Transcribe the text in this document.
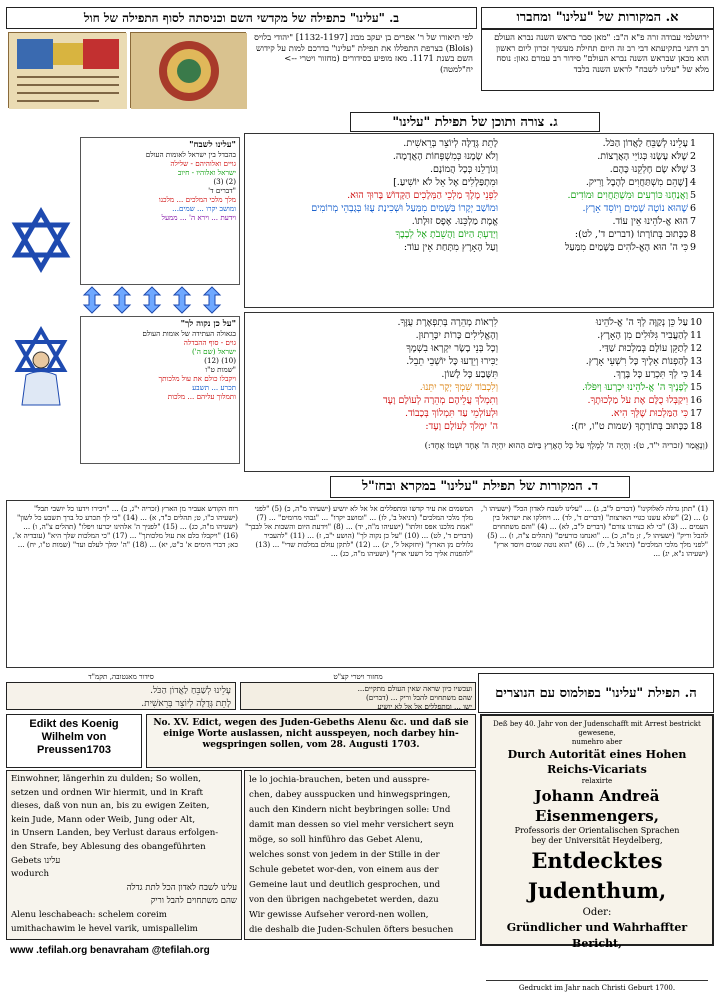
א. המקורות של "עלינו" ומחברו
ירושלמי עבודה זרה פ"א ה"ב: "מאן סבר בראש השנה נברא העולם רב דתני בתקיעתא דבי רב זה היום תחילת מעשיך זכרון ליום ראשון הוא מכאן שבראש השנה נברא העולם" סידור רב עמרם גאון: נוסח מלא של "עלינו לשבח" לראש השנה בלבד
ב. "עלינו" כתפילה של מקדשי השם וכניסתה לסוף התפילה של חול
לפי תיאורו של ר' אפרים בן יעקב מבונ [1132-1197] "יהודי בלויס (Blois) בצרפת התפללו את תפילת "עלינו" בדרכם למות על קידוש השם בשנת 1171. מאז מופיע בסידורים (מחזור ויטרי --> יח"למטה)
ג. צורה ותוכן של תפילת "עלינו"
לָתֵת גְּדֻלָּה לְיוֹצֵר בְּרֵאשִׁית.
וְלֹא שָׂמָנוּ כְּמִשְׁפְּחוֹת הָאֲדָמָה.
וְגוֹרָלֵנוּ כְּכָל הֲמוֹנָם.
וּמִתְפַּלְלִים אֶל אֵל לֹא יוֹשִׁיעַ.]
לִפְנֵי מֶלֶךְ מַלְכֵי הַמְּלָכִים הַקָּדוֹשׁ בָּרוּךְ הוּא.
וּמוֹשַׁב יְקָרוֹ בַּשָּׁמַיִם מִמַּעַל וּשְׁכִינַת עֻזּוֹ בְּגָבְהֵי מְרוֹמִים
אֱמֶת מַלְכֵּנוּ. אֶפֶס זוּלָתוֹ.
וְיָדַעְתָּ הַיּוֹם וַהֲשֵׁבֹתָ אֶל לְבָבֶךָ
וְעַל הָאָרֶץ מִתָּחַת אֵין עוֹד:
עָלֵינוּ לְשַׁבֵּחַ לַאֲדוֹן הַכֹּל.
שֶׁלֹּא עָשָׂנוּ כְּגוֹיֵי הָאֲרָצוֹת.
שֶׁלֹּא שָׂם חֶלְקֵנוּ כָּהֶם.
[שֶׁהֵם מִשְׁתַּחֲוִים לְהֶבֶל וָרִיק.
וַאֲנַחְנוּ כּוֹרְעִים וּמִשְׁתַּחֲוִים וּמוֹדִים.
שֶׁהוּא נוֹטֶה שָׁמַיִם וְיוֹסֵד אָרֶץ.
הוּא אֱ-לֹהֵינוּ אֵין עוֹד.
כַּכָּתוּב בְּתוֹרָתוֹ (דברים ד', לט):
כִּי ה' הוּא הָאֱ-לֹהִים בַּשָּׁמַיִם מִמַּעַל
1
2
3
4
5
6
7
8
9
"עלינו לשבח"
בהבדל בין ישראל לאומות העולם
גויים ואלוהיהם - שלילה
ישראל ואלוהיו - חיוב
(2) (3)
"דברים ד'
מלך מלכי המלכים ... מלכנו
ומושב יקרו ... שמים...
וידעת ... וירא ה' ... ממעל
לִרְאוֹת מְהֵרָה בְּתִפְאֶרֶת עֻזֶּךָ.
וְהָאֱלִילִים כָּרוֹת יִכָּרֵתוּן.
וְכָל בְּנֵי בָשָׂר יִקְרְאוּ בִשְׁמֶךָ
יַכִּירוּ וְיֵדְעוּ כָּל יוֹשְׁבֵי תֵבֵל.
תִּשָּׁבַע כָּל לָשׁוֹן.
וְלִכְבוֹד שִׁמְךָ יְקָר יִתֵּנוּ.
וְתִמְלֹךְ עֲלֵיהֶם מְהֵרָה לְעוֹלָם וָעֶד
וּלְעוֹלְמֵי עַד תִּמְלוֹךְ בְּכָבוֹד.
ה' יִמְלֹךְ לְעוֹלָם וָעֶד:
עַל כֵּן נְקַוֶּה לְךָ ה' אֱ-לֹהֵינוּ
לְהַעֲבִיר גִּלּוּלִים מִן הָאָרֶץ.
לְתַקֵּן עוֹלָם בְּמַלְכוּת שַׁדַּי.
לְהַפְנוֹת אֵלֶיךָ כָּל רִשְׁעֵי אָרֶץ.
כִּי לְךָ תִּכְרַע כָּל בֶּרֶךְ.
לְפָנֶיךָ ה' אֱ-לֹהֵינוּ יִכְרְעוּ וְיִפֹּלוּ.
וִיקַבְּלוּ כֻלָּם אֶת עֹל מַלְכוּתֶךָ.
כִּי הַמַּלְכוּת שֶׁלְּךָ הִיא.
כַּכָּתוּב בְּתוֹרָתֶךָ (שמות ט"ו, יח):
10
11
12
13
14
15
16
17
18
(וְנֶאֱמַר (זכריה י"ד, ט): וְהָיָה ה' לְמֶלֶךְ עַל כָּל הָאָרֶץ בַּיּוֹם הַהוּא יִהְיֶה ה' אֶחָד וּשְׁמוֹ אֶחָד:)
"על כן נקוה לך"
בגאולה העתידה של אומות העולם
גוים - סוף ההבדלה
ישראל (שם ה')
(10) (12)
"שמות ט"ו
ויקבלו כולם את עול מלכותך
תכרע ... תשבע
ותמלוך עליהם ... מלכות
ד. המקורות של תפילת "עלינו" במקרא ובחז"ל
(1) "תתן גדלה לאלוקינו" (דברים ל"ב, ג) ... "עלינו לשבח לאדון הכל" (ישעיהו ו', ג) ... (2) "שלא עשנו כגויי הארצות" (דברים ד', לד) ... ויחלקו את ישראל בין העמים ... (3) "כי לא כצורנו צורם" (דברים ל"ב, לא) ... (4) "והם משתחוים להבל וריק" (ישעיהו ל', ז; מ"ה, כ) ... "ואנחנו כורעים" (תהלים צ"ה, ו) ... (5) "לפני מלך מלכי המלכים" (דניאל ב', לז) ... (6) "הוא נוטה שמים ויוסד ארץ" (ישעיהו נ"א, יג) ...
המשמים את עיר קדשו ומתפללים אל אל לא יושיע (ישעיהו מ"ה, כ) (5) "לפני מלך מלכי המלכים" (דניאל ב', לז) ... "ומושב יקרו" ... "גבהי מרומים" ... (7) "אמת מלכנו אפס זולתו" (ישעיהו מ"ה, יד) ... (8) "וידעת היום והשבות אל לבבך" (דברים ד', לט) ... (10) "על כן נקוה לך" (הושע י"ב, ז) ... (11) "להעביר גלולים מן הארץ" (יחזקאל ל', יג) ... (12) "לתקן עולם במלכות שדי" ... (13) "להפנות אליך כל רשעי ארץ" (ישעיהו מ"ה, כג) ...
רוח הקודש אעביר מן הארץ (זכריה י"ג, ב) ... "ויכירו וידעו כל יושבי תבל" (ישעיהו כ"ו, ט; תהלים כ"ד, א) ... (14) "כי לך תכרע כל ברך תשבע כל לשון" (ישעיהו מ"ה, כג) ... (15) "לפניך ה' אלהינו יכרעו ויפלו" (תהלים צ"ה, ו) ... (16) "ויקבלו כלם את עול מלכותך" ... (17) "כי המלכות שלך היא" (עובדיה א', כא; דברי הימים א' כ"ט, יא) ... (18) "ה' ימלך לעלם ועד" (שמות ט"ו, יח) ...
ה. תפילת "עלינו" בפולמוס עם הנוצרים
סידור מאנטובה, תקמ"ד
עָלֵינוּ לְשַׁבֵּחַ לַאֲדוֹן הַכֹּל.
לָתֵת גְּדֻלָּה לְיוֹצֵר בְּרֵאשִׁית.
מחזור ויטרי קצ"ט
ועכשיו כיון שראה שאין העולם מתקיים...
שהם משתחוים להבל וריק ... (דברים)
ישו ... ומתפללים אל אל לא יושיע
Edikt des Koenig Wilhelm von Preussen1703
No. XV. Edict, wegen des Juden-Gebeths Alenu &c. und daß sie einige Worte auslassen, nicht ausspeyen, noch darbey hin- wegspringen sollen, vom 28. Augusti 1703.
Einwohner, längerhin zu dulden; So wollen,
setzen und ordnen Wir hiermit, und in Kraft
dieses, daß von nun an, bis zu ewigen Zeiten,
kein Jude, Mann oder Weib, Jung oder Alt,
in Unsern Landen, bey Verlust daraus erfolgen-
den Strafe, bey Ablesung des obangeführten
Gebets עלינו
wodurch
עלינו לשבח לאדון הכל לתת גדלה
שהם משתחוים להבל וריק
Alenu leschabeach: schelem coreim
umithachawim le hevel varik, umispallelim
le lo jochia-brauchen, beten und ausspre-
chen, dabey ausspucken und hinwegspringen,
auch den Kindern nicht beybringen solle: Und
damit man dessen so viel mehr versichert seyn
möge, so soll hinführo das Gebet Alenu,
welches sonst von jedem in der Stille in der
Schule gebetet wor-den, von einem aus der
Gemeine laut und deutlich gesprochen, und
von den übrigen nachgebetet werden, dazu
Wir gewisse Aufseher verord-nen wollen,
die deshalb die Juden-Schulen öfters besuchen
Deß bey 40. Jahr von der Judenschafft mit Arrest bestrickt gewesene,
numehro aber
Durch Autorität eines Hohen Reichs-Vicariats
relaxirte
Johann Andreä Eisenmengers,
Professoris der Orientalischen Sprachen
bey der Universität Heydelberg,
Entdecktes Judenthum,
Oder:
Gründlicher und Wahrhaffter Bericht,
Gedruckt im Jahr nach Christi Geburt 1700.
www .tefilah.org benavraham @tefilah.org
